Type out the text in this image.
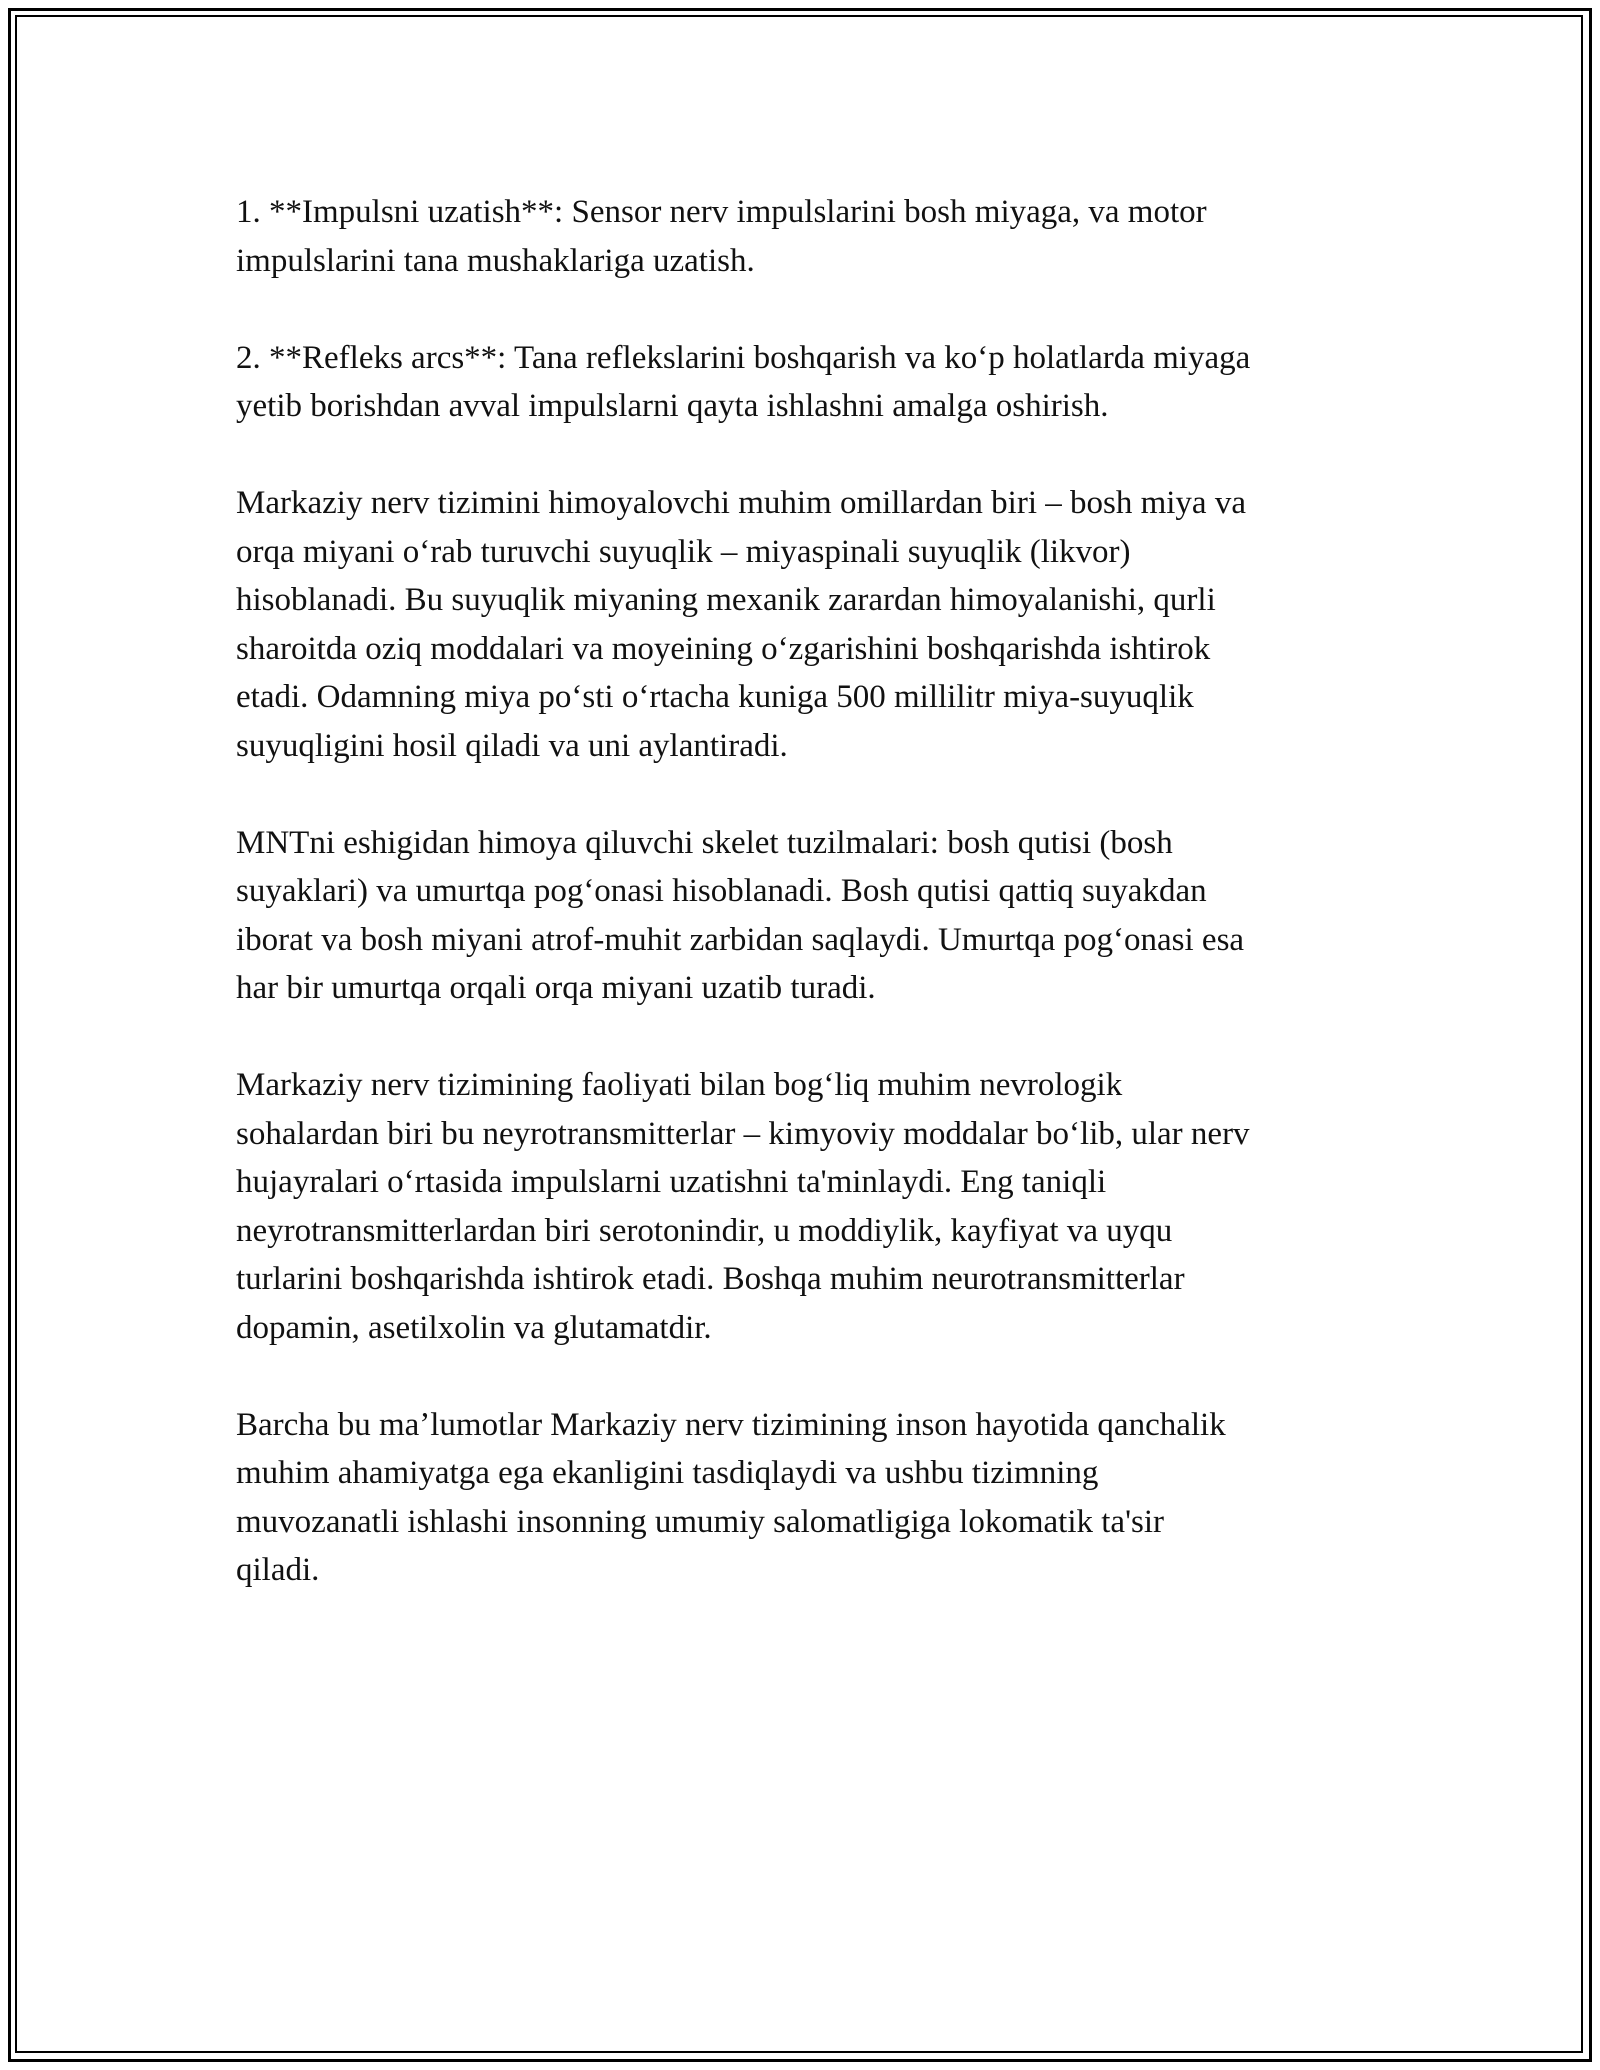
1. **Impulsni uzatish**: Sensor nerv impulslarini bosh miyaga, va motor
impulslarini tana mushaklariga uzatish.

2. **Refleks arcs**: Tana reflekslarini boshqarish va koʻp holatlarda miyaga
yetib borishdan avval impulslarni qayta ishlashni amalga oshirish.

Markaziy nerv tizimini himoyalovchi muhim omillardan biri – bosh miya va
orqa miyani oʻrab turuvchi suyuqlik – miyaspinali suyuqlik (likvor)
hisoblanadi. Bu suyuqlik miyaning mexanik zarardan himoyalanishi, qurli
sharoitda oziq moddalari va moyeining oʻzgarishini boshqarishda ishtirok
etadi. Odamning miya poʻsti oʻrtacha kuniga 500 millilitr miya-suyuqlik
suyuqligini hosil qiladi va uni aylantiradi.

MNTni eshigidan himoya qiluvchi skelet tuzilmalari: bosh qutisi (bosh
suyaklari) va umurtqa pogʻonasi hisoblanadi. Bosh qutisi qattiq suyakdan
iborat va bosh miyani atrof-muhit zarbidan saqlaydi. Umurtqa pogʻonasi esa
har bir umurtqa orqali orqa miyani uzatib turadi.

Markaziy nerv tizimining faoliyati bilan bogʻliq muhim nevrologik
sohalardan biri bu neyrotransmitterlar – kimyoviy moddalar boʻlib, ular nerv
hujayralari oʻrtasida impulslarni uzatishni ta'minlaydi. Eng taniqli
neyrotransmitterlardan biri serotonindir, u moddiylik, kayfiyat va uyqu
turlarini boshqarishda ishtirok etadi. Boshqa muhim neurotransmitterlar
dopamin, asetilxolin va glutamatdir.

Barcha bu maʼlumotlar Markaziy nerv tizimining inson hayotida qanchalik
muhim ahamiyatga ega ekanligini tasdiqlaydi va ushbu tizimning
muvozanatli ishlashi insonning umumiy salomatligiga lokomatik ta'sir
qiladi.
